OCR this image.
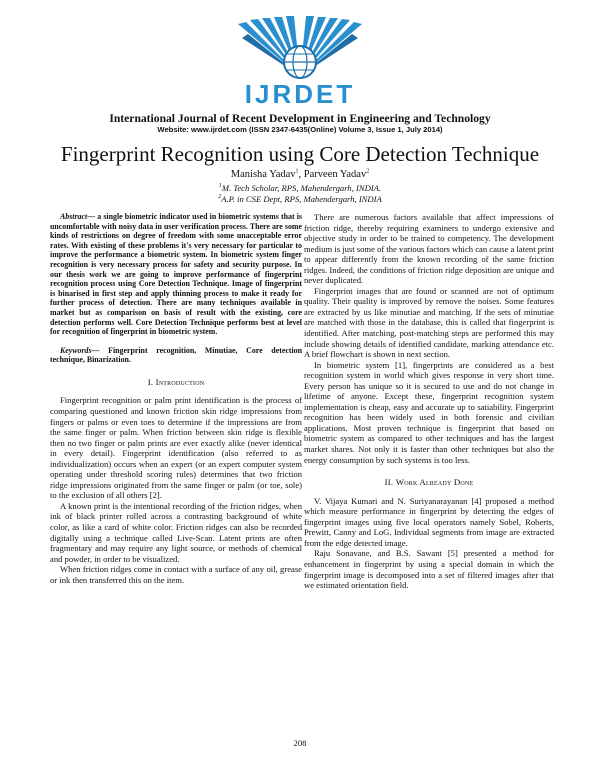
IJRDET
International Journal of Recent Development in Engineering and Technology
Website: www.ijrdet.com (ISSN 2347-6435(Online) Volume 3, Issue 1, July 2014)
Fingerprint Recognition using Core Detection Technique
Manisha Yadav$^1$, Parveen Yadav$^2$
$^1$M. Tech Scholar, RPS, Mahendergarh, INDIA.
$^2$A.P. in CSE Dept, RPS, Mahendergarh, INDIA

Abstract— a single biometric indicator used in biometric systems that is uncomfortable with noisy data in user verification process. There are some kinds of restrictions on degree of freedom with some unacceptable error rates. With existing of these problems it's very necessary for particular to improve the performance a biometric system. In biometric system finger recognition is very necessary process for safety and security purpose. In our thesis work we are going to improve performance of fingerprint recognition process using Core Detection Technique. Image of fingerprint is binarised in first step and apply thinning process to make it ready for further process of detection. There are many techniques available in market but as comparison on basis of result with the existing, core detection performs well. Core Detection Technique performs best at level for recognition of fingerprint in biometric system.

Keywords— Fingerprint recognition, Minutiae, Core detection technique, Binarization.

I. Introduction

Fingerprint recognition or palm print identification is the process of comparing questioned and known friction skin ridge impressions from fingers or palms or even toes to determine if the impressions are from the same finger or palm. When friction between skin ridge is flexible then no two finger or palm prints are ever exactly alike (never identical in every detail). Fingerprint identification (also referred to as individualization) occurs when an expert (or an expert computer system operating under threshold scoring rules) determines that two friction ridge impressions originated from the same finger or palm (or toe, sole) to the exclusion of all others [2].

A known print is the intentional recording of the friction ridges, when ink of black printer rolled across a contrasting background of white color, as like a card of white color. Friction ridges can also be recorded digitally using a technique called Live-Scan. Latent prints are often fragmentary and may require any light source, or methods of chemical and powder, in order to be visualized.

When friction ridges come in contact with a surface of any oil, grease or ink then transferred this on the item.

There are numerous factors available that affect impressions of friction ridge, thereby requiring examiners to undergo extensive and objective study in order to be trained to competency. The development medium is just some of the various factors which can cause a latent print to appear differently from the known recording of the same friction ridges. Indeed, the conditions of friction ridge deposition are unique and never duplicated.

Fingerprint images that are found or scanned are not of optimum quality. Their quality is improved by remove the noises. Some features are extracted by us like minutiae and matching. If the sets of minutiae are matched with those in the database, this is called that fingerprint is identified. After matching, post-matching steps are performed this may include showing details of identified candidate, marking attendance etc. A brief flowchart is shown in next section.

In biometric system [1], fingerprints are considered as a best recognition system in world which gives response in very short time. Every person has unique so it is secured to use and do not change in lifetime of anyone. Except these, fingerprint recognition system implementation is cheap, easy and accurate up to satiability. Fingerprint recognition has been widely used in both forensic and civilian applications. Most proven technique is fingerprint that based on biometric system as compared to other techniques and has the largest market shares. Not only it is faster than other techniques but also the energy consumption by such systems is too less.

II. Work Already Done

V. Vijaya Kumari and N. Suriyanarayanan [4] proposed a method which measure performance in fingerprint by detecting the edges of fingerprint images using five local operators namely Sobel, Roberts, Prewitt, Canny and LoG. Individual segments from image are extracted from the edge detected image.

Raju Sonavane, and B.S. Sawant [5] presented a method for enhancement in fingerprint by using a special domain in which the fingerprint image is decomposed into a set of filtered images after that we estimated orientation field.

208
